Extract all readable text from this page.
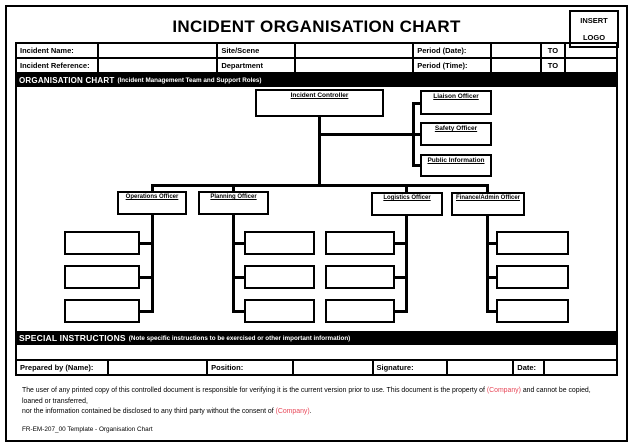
INSERT
LOGO
INCIDENT ORGANISATION CHART
Incident Name:		Site/Scene		Period (Date):		TO	
Incident Reference:		Department		Period (Time):		TO	
ORGANISATION CHART (Incident Management Team and Support Roles)
Incident Controller	Liaison Officer
Safety Officer
Public Information
Operations Officer	Planning Officer	Logistics Officer	Finance/Admin Officer
SPECIAL INSTRUCTIONS (Note specific instructions to be exercised or other important information)
Prepared by (Name):		Position:		Signature:		Date:	

The user of any printed copy of this controlled document is responsible for verifying it is the current version prior to use. This document is the property of (Company) and cannot be copied, loaned or transferred,
nor the information contained be disclosed to any third party without the consent of (Company).

FR-EM-207_00 Template - Organisation Chart
